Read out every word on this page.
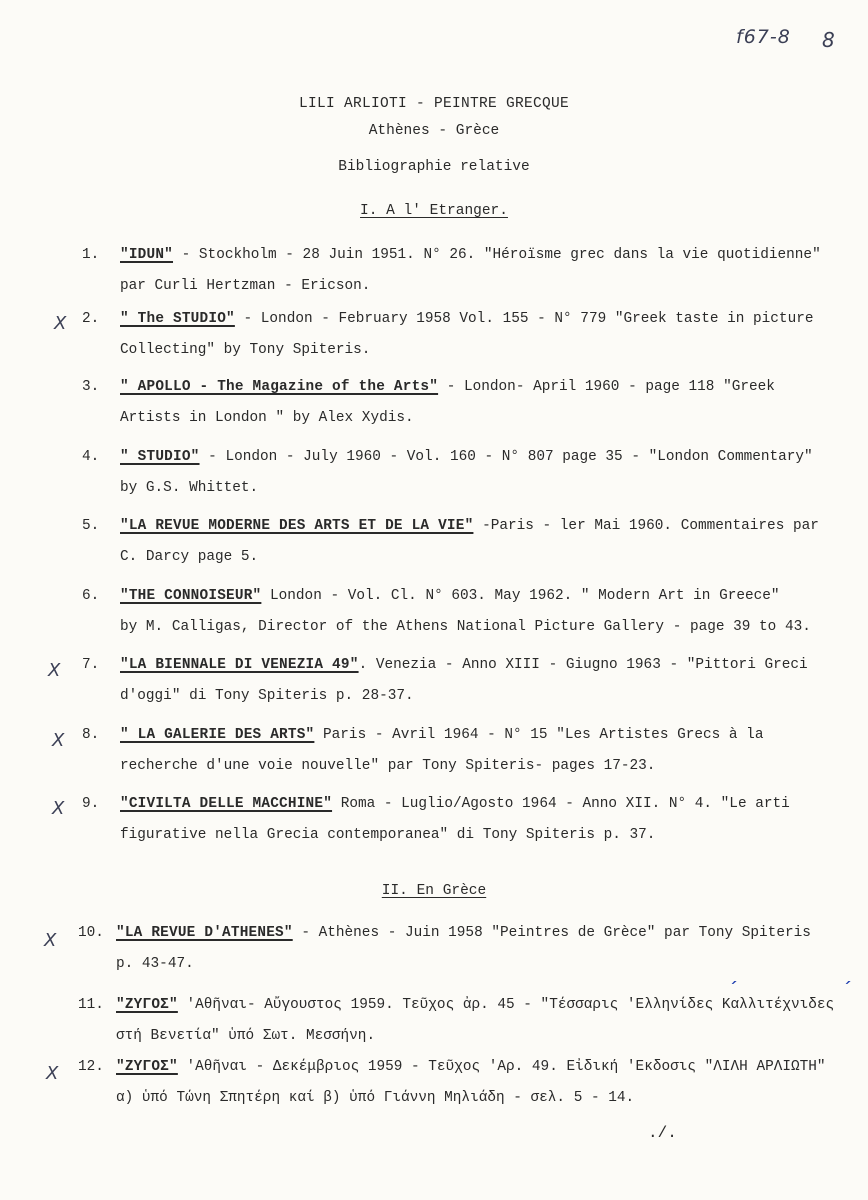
f67-8 8
LILI ARLIOTI - PEINTRE GRECQUE
Athènes - Grèce
Bibliographie relative
I. A l' Etranger.
1. "IDUN" - Stockholm - 28 Juin 1951. N° 26. "Héroïsme grec dans la vie quotidienne"
par Curli Hertzman - Ericson.
X 2. " The STUDIO" - London - February 1958 Vol. 155 - N° 779 "Greek taste in picture
Collecting" by Tony Spiteris.
3. " APOLLO - The Magazine of the Arts" - London- April 1960 - page 118 "Greek
Artists in London " by Alex Xydis.
4. " STUDIO" - London - July 1960 - Vol. 160 - N° 807 page 35 - "London Commentary"
by G.S. Whittet.
5. "LA REVUE MODERNE DES ARTS ET DE LA VIE" -Paris - ler Mai 1960. Commentaires par
C. Darcy page 5.
6. "THE CONNOISEUR" London - Vol. Cl. N° 603. May 1962. " Modern Art in Greece"
by M. Calligas, Director of the Athens National Picture Gallery - page 39 to 43.
X 7. "LA BIENNALE DI VENEZIA 49". Venezia - Anno XIII - Giugno 1963 - "Pittori Greci
d'oggi" di Tony Spiteris p. 28-37.
X 8. " LA GALERIE DES ARTS" Paris - Avril 1964 - N° 15 "Les Artistes Grecs à la
recherche d'une voie nouvelle" par Tony Spiteris- pages 17-23.
X 9. "CIVILTA DELLE MACCHINE" Roma - Luglio/Agosto 1964 - Anno XII. N° 4. "Le arti
figurative nella Grecia contemporanea" di Tony Spiteris p. 37.
II. En Grèce
X 10. "LA REVUE D'ATHENES" - Athènes - Juin 1958 "Peintres de Grèce" par Tony Spiteris
p. 43-47.
11. "ΖΥΓΟΣ" 'Αθῆναι- Αὔγουστος 1959. Τεῦχος ἀρ. 45 - "Τέσσαρις 'Ελληνίδες Καλλιτέχνιδες
στή Βενετία" ὑπό Σωτ. Μεσσήνη.
´	´
X 12. "ΖΥΓΟΣ" 'Αθῆναι - Δεκέμβριος 1959 - Τεῦχος 'Αρ. 49. Εἰδική 'Εκδοσις "ΛΙΛΗ ΑΡΛΙΩΤΗ"
α) ὑπό Τώνη Σπητέρη καί β) ὑπό Γιάννη Μηλιάδη - σελ. 5 - 14.
./.
